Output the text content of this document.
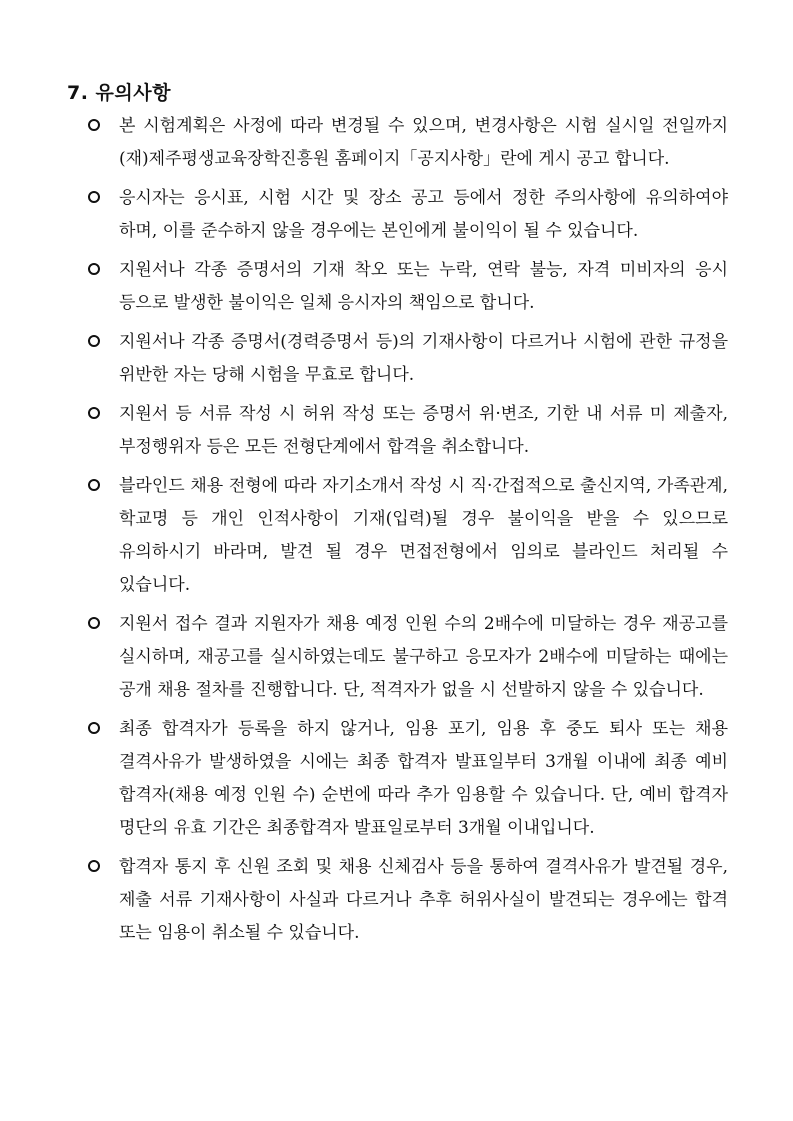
7. 유의사항
본 시험계획은 사정에 따라 변경될 수 있으며, 변경사항은 시험 실시일 전일까지 (재)제주평생교육장학진흥원 홈페이지「공지사항」란에 게시 공고 합니다.
응시자는 응시표, 시험 시간 및 장소 공고 등에서 정한 주의사항에 유의하여야 하며, 이를 준수하지 않을 경우에는 본인에게 불이익이 될 수 있습니다.
지원서나 각종 증명서의 기재 착오 또는 누락, 연락 불능, 자격 미비자의 응시 등으로 발생한 불이익은 일체 응시자의 책임으로 합니다.
지원서나 각종 증명서(경력증명서 등)의 기재사항이 다르거나 시험에 관한 규정을 위반한 자는 당해 시험을 무효로 합니다.
지원서 등 서류 작성 시 허위 작성 또는 증명서 위·변조, 기한 내 서류 미 제출자, 부정행위자 등은 모든 전형단계에서 합격을 취소합니다.
블라인드 채용 전형에 따라 자기소개서 작성 시 직·간접적으로 출신지역, 가족관계, 학교명 등 개인 인적사항이 기재(입력)될 경우 불이익을 받을 수 있으므로 유의하시기 바라며, 발견 될 경우 면접전형에서 임의로 블라인드 처리될 수 있습니다.
지원서 접수 결과 지원자가 채용 예정 인원 수의 2배수에 미달하는 경우 재공고를 실시하며, 재공고를 실시하였는데도 불구하고 응모자가 2배수에 미달하는 때에는 공개 채용 절차를 진행합니다. 단, 적격자가 없을 시 선발하지 않을 수 있습니다.
최종 합격자가 등록을 하지 않거나, 임용 포기, 임용 후 중도 퇴사 또는 채용 결격사유가 발생하였을 시에는 최종 합격자 발표일부터 3개월 이내에 최종 예비 합격자(채용 예정 인원 수) 순번에 따라 추가 임용할 수 있습니다. 단, 예비 합격자 명단의 유효 기간은 최종합격자 발표일로부터 3개월 이내입니다.
합격자 통지 후 신원 조회 및 채용 신체검사 등을 통하여 결격사유가 발견될 경우, 제출 서류 기재사항이 사실과 다르거나 추후 허위사실이 발견되는 경우에는 합격 또는 임용이 취소될 수 있습니다.
